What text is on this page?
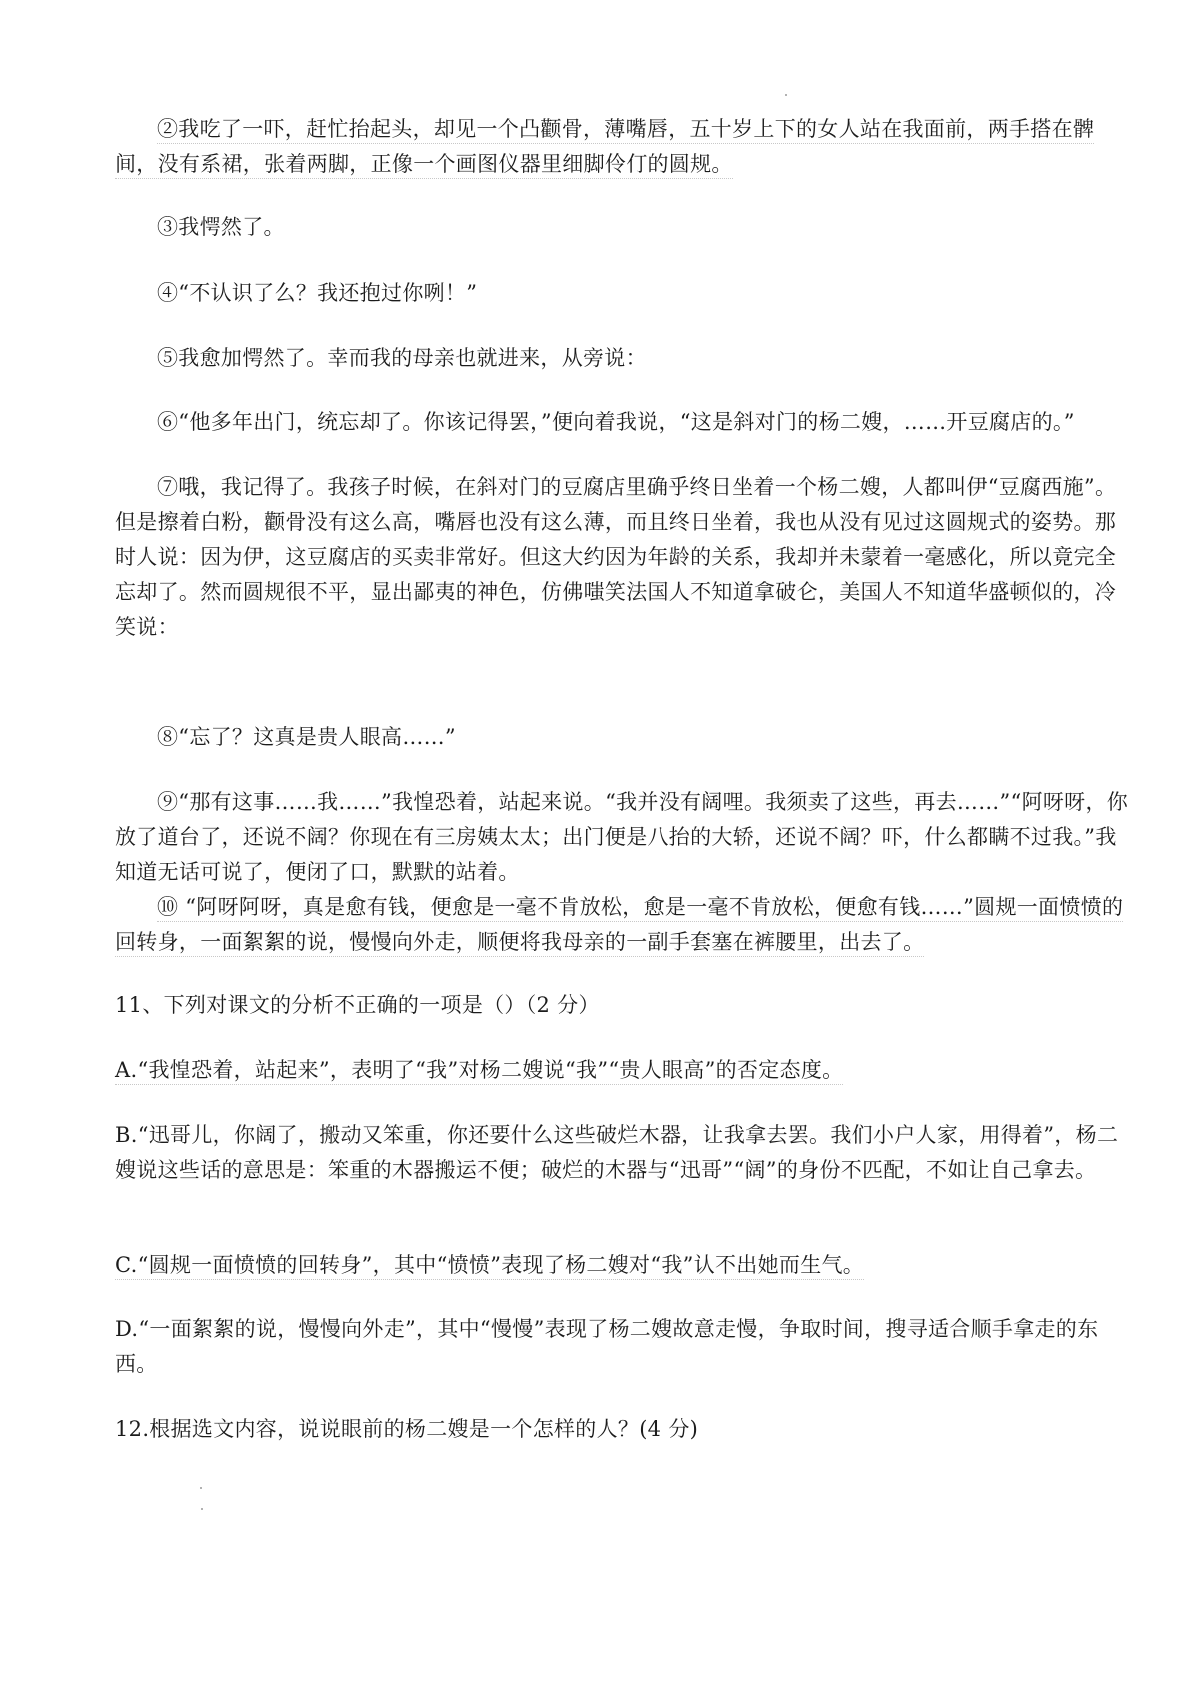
②我吃了一吓，赶忙抬起头，却见一个凸颧骨，薄嘴唇，五十岁上下的女人站在我面前，两手搭在髀间，没有系裙，张着两脚，正像一个画图仪器里细脚伶仃的圆规。

③我愕然了。

④“不认识了么？我还抱过你咧！”

⑤我愈加愕然了。幸而我的母亲也就进来，从旁说：

⑥“他多年出门，统忘却了。你该记得罢，”便向着我说，“这是斜对门的杨二嫂，……开豆腐店的。”

⑦哦，我记得了。我孩子时候，在斜对门的豆腐店里确乎终日坐着一个杨二嫂，人都叫伊“豆腐西施”。但是擦着白粉，颧骨没有这么高，嘴唇也没有这么薄，而且终日坐着，我也从没有见过这圆规式的姿势。那时人说：因为伊，这豆腐店的买卖非常好。但这大约因为年龄的关系，我却并未蒙着一毫感化，所以竟完全忘却了。然而圆规很不平，显出鄙夷的神色，仿佛嗤笑法国人不知道拿破仑，美国人不知道华盛顿似的，冷笑说：

⑧“忘了？这真是贵人眼高……”

⑨“那有这事……我……”我惶恐着，站起来说。“我并没有阔哩。我须卖了这些，再去……”“阿呀呀，你放了道台了，还说不阔？你现在有三房姨太太；出门便是八抬的大轿，还说不阔？吓，什么都瞒不过我。”我知道无话可说了，便闭了口，默默的站着。

⑩ “阿呀阿呀，真是愈有钱，便愈是一毫不肯放松，愈是一毫不肯放松，便愈有钱……”圆规一面愤愤的回转身，一面絮絮的说，慢慢向外走，顺便将我母亲的一副手套塞在裤腰里，出去了。

11、下列对课文的分析不正确的一项是（）（2 分）

A.“我惶恐着，站起来”，表明了“我”对杨二嫂说“我”“贵人眼高”的否定态度。

B.“迅哥儿，你阔了，搬动又笨重，你还要什么这些破烂木器，让我拿去罢。我们小户人家，用得着”，杨二嫂说这些话的意思是：笨重的木器搬运不便；破烂的木器与“迅哥”“阔”的身份不匹配，不如让自己拿去。

C.“圆规一面愤愤的回转身”，其中“愤愤”表现了杨二嫂对“我”认不出她而生气。

D.“一面絮絮的说，慢慢向外走”，其中“慢慢”表现了杨二嫂故意走慢，争取时间，搜寻适合顺手拿走的东西。

12.根据选文内容，说说眼前的杨二嫂是一个怎样的人？(4 分)
